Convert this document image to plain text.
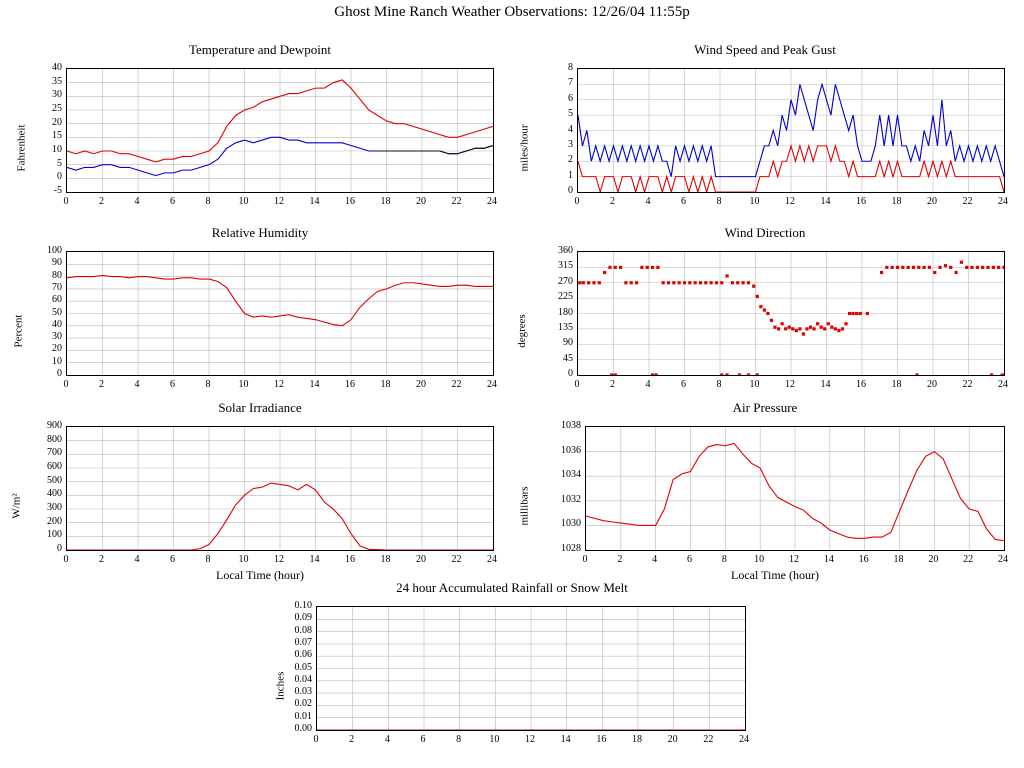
Ghost Mine Ranch Weather Observations: 12/26/04 11:55p
Temperature and Dewpoint
Fahrenheit
-5
0
5
10
15
20
25
30
35
40
0	2	4	6	8	10	12	14	16	18	20	22	24
Wind Speed and Peak Gust
miles/hour
0
1
2
3
4
5
6
7
8
0	2	4	6	8	10	12	14	16	18	20	22	24
Relative Humidity
Percent
0
10
20
30
40
50
60
70
80
90
100
0	2	4	6	8	10	12	14	16	18	20	22	24
Wind Direction
degrees
0
45
90
135
180
225
270
315
360
0	2	4	6	8	10	12	14	16	18	20	22	24
Solar Irradiance
W/m²
Local Time (hour)
0
100
200
300
400
500
600
700
800
900
0	2	4	6	8	10	12	14	16	18	20	22	24
Air Pressure
millibars
Local Time (hour)
1028
1030
1032
1034
1036
1038
0	2	4	6	8	10	12	14	16	18	20	22	24
24 hour Accumulated Rainfall or Snow Melt
Inches
0.00
0.01
0.02
0.03
0.04
0.05
0.06
0.07
0.08
0.09
0.10
0	2	4	6	8	10	12	14	16	18	20	22	24
